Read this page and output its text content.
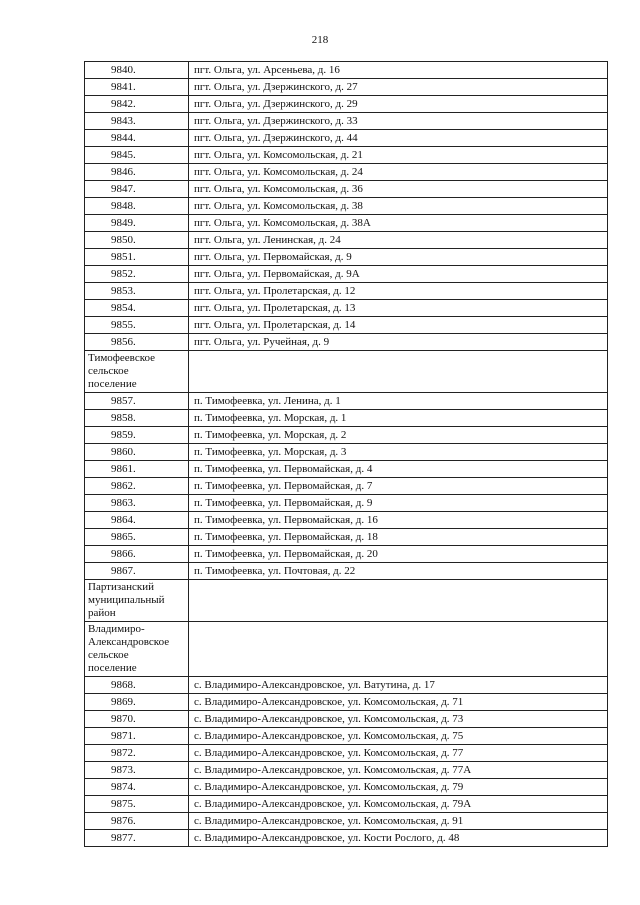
218
9840.	пгт. Ольга, ул. Арсеньева, д. 16
9841.	пгт. Ольга, ул. Дзержинского, д. 27
9842.	пгт. Ольга, ул. Дзержинского, д. 29
9843.	пгт. Ольга, ул. Дзержинского, д. 33
9844.	пгт. Ольга, ул. Дзержинского, д. 44
9845.	пгт. Ольга, ул. Комсомольская, д. 21
9846.	пгт. Ольга, ул. Комсомольская, д. 24
9847.	пгт. Ольга, ул. Комсомольская, д. 36
9848.	пгт. Ольга, ул. Комсомольская, д. 38
9849.	пгт. Ольга, ул. Комсомольская, д. 38А
9850.	пгт. Ольга, ул. Ленинская, д. 24
9851.	пгт. Ольга, ул. Первомайская, д. 9
9852.	пгт. Ольга, ул. Первомайская, д. 9А
9853.	пгт. Ольга, ул. Пролетарская, д. 12
9854.	пгт. Ольга, ул. Пролетарская, д. 13
9855.	пгт. Ольга, ул. Пролетарская, д. 14
9856.	пгт. Ольга, ул. Ручейная, д. 9

Тимофеевское
сельское
поселение	

9857.	п. Тимофеевка, ул. Ленина, д. 1
9858.	п. Тимофеевка, ул. Морская, д. 1
9859.	п. Тимофеевка, ул. Морская, д. 2
9860.	п. Тимофеевка, ул. Морская, д. 3
9861.	п. Тимофеевка, ул. Первомайская, д. 4
9862.	п. Тимофеевка, ул. Первомайская, д. 7
9863.	п. Тимофеевка, ул. Первомайская, д. 9
9864.	п. Тимофеевка, ул. Первомайская, д. 16
9865.	п. Тимофеевка, ул. Первомайская, д. 18
9866.	п. Тимофеевка, ул. Первомайская, д. 20
9867.	п. Тимофеевка, ул. Почтовая, д. 22

Партизанский
муниципальный
район	

Владимиро-
Александровское
сельское
поселение	

9868.	с. Владимиро-Александровское, ул. Ватутина, д. 17
9869.	с. Владимиро-Александровское, ул. Комсомольская, д. 71
9870.	с. Владимиро-Александровское, ул. Комсомольская, д. 73
9871.	с. Владимиро-Александровское, ул. Комсомольская, д. 75
9872.	с. Владимиро-Александровское, ул. Комсомольская, д. 77
9873.	с. Владимиро-Александровское, ул. Комсомольская, д. 77А
9874.	с. Владимиро-Александровское, ул. Комсомольская, д. 79
9875.	с. Владимиро-Александровское, ул. Комсомольская, д. 79А
9876.	с. Владимиро-Александровское, ул. Комсомольская, д. 91
9877.	с. Владимиро-Александровское, ул. Кости Рослого, д. 48
